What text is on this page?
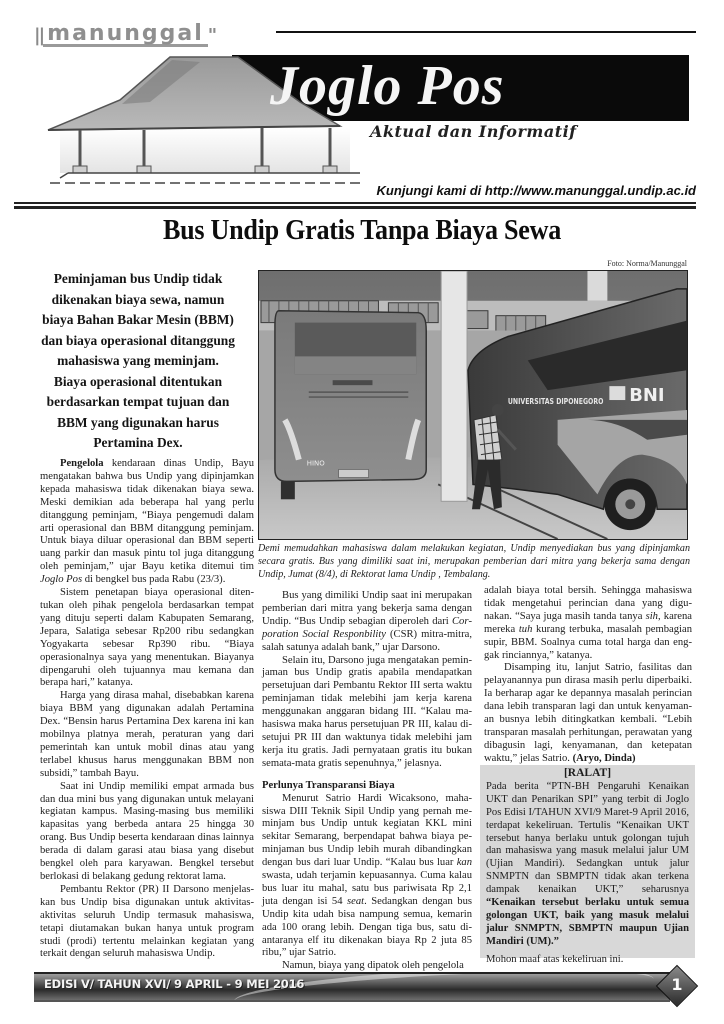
|| manunggal "
Joglo Pos
Aktual dan Informatif
Kunjungi kami di http://www.manunggal.undip.ac.id
Bus Undip Gratis Tanpa Biaya Sewa
Peminjaman bus Undip tidak dikenakan biaya sewa, namun biaya Bahan Bakar Mesin (BBM) dan biaya operasional ditanggung mahasiswa yang meminjam. Biaya operasional ditentukan berdasarkan tempat tujuan dan BBM yang digunakan harus Pertamina Dex.
Foto: Norma/Manunggal
HINO
UNIVERSITAS DIPONEGORO BNI
Demi memudahkan mahasiswa dalam melakukan kegiatan, Undip menyediakan bus yang dipinjamkan secara gratis. Bus yang dimiliki saat ini, merupakan pemberian dari mitra yang bekerja sama dengan Undip, Jumat (8/4), di Rektorat lama Undip , Tembalang.

Pengelola kendaraan dinas Undip, Bayu mengatakan bahwa bus Undip yang dipinjamkan kepada mahasiswa tidak dikenakan biaya sewa. Meski demikian ada beberapa hal yang perlu ditanggung peminjam, “Biaya pengemudi dalam arti operasional dan BBM ditanggung peminjam. Untuk biaya diluar operasional dan BBM seperti uang parkir dan masuk pintu tol juga ditanggung oleh peminjam,” ujar Bayu ketika ditemui tim Joglo Pos di bengkel bus pada Rabu (23/3).

Sistem penetapan biaya operasional ditentukan oleh pihak pengelola berdasarkan tempat yang dituju seperti dalam Kabupaten Semarang, Jepara, Salatiga sebesar Rp200 ribu sedangkan Yogyakarta sebesar Rp390 ribu. “Biaya operasionalnya saya yang menentukan. Biayanya dipengaruhi oleh tujuannya mau kemana dan berapa hari,” katanya.

Harga yang dirasa mahal, disebabkan karena biaya BBM yang digunakan adalah Pertamina Dex. “Bensin harus Pertamina Dex karena ini kan mobilnya platnya merah, peraturan yang dari pemerintah kan untuk mobil dinas atau yang terlabel khusus harus menggunakan BBM non subsidi,” tambah Bayu.

Saat ini Undip memiliki empat armada bus dan dua mini bus yang digunakan untuk melayani kegiatan kampus. Masing-masing bus memiliki kapasitas yang berbeda antara 25 hingga 30 orang. Bus Undip beserta kendaraan dinas lainnya berada di dalam garasi atau biasa yang disebut bengkel oleh para karyawan. Bengkel tersebut berlokasi di belakang gedung rektorat lama.

Pembantu Rektor (PR) II Darsono menjelaskan bus Undip bisa digunakan untuk aktivitas-aktivitas seluruh Undip termasuk mahasiswa, tetapi diutamakan bukan hanya untuk program studi (prodi) tertentu melainkan kegiatan yang terkait dengan seluruh mahasiswa Undip.

Bus yang dimiliki Undip saat ini merupakan pemberian dari mitra yang bekerja sama dengan Undip. “Bus Undip sebagian diperoleh dari Corporation Social Responbility (CSR) mitra-mitra, salah satunya adalah bank,” ujar Darsono.

Selain itu, Darsono juga mengatakan peminjaman bus Undip gratis apabila mendapatkan persetujuan dari Pembantu Rektor III serta waktu peminjaman tidak melebihi jam kerja karena menggunakan anggaran bidang III. “Kalau mahasiswa maka harus persetujuan PR III, kalau disetujui PR III dan waktunya tidak melebihi jam kerja itu gratis. Jadi pernyataan gratis itu bukan semata-mata gratis sepenuhnya,” jelasnya.

Perlunya Transparansi Biaya

Menurut Satrio Hardi Wicaksono, mahasiswa DIII Teknik Sipil Undip yang pernah meminjam bus Undip untuk kegiatan KKL mini sekitar Semarang, berpendapat bahwa biaya peminjaman bus Undip lebih murah dibandingkan dengan bus dari luar Undip. “Kalau bus luar kan swasta, udah terjamin kepuasannya. Cuma kalau bus luar itu mahal, satu bus pariwisata Rp 2,1 juta dengan isi 54 seat. Sedangkan dengan bus Undip kita udah bisa nampung semua, kemarin ada 100 orang lebih. Dengan tiga bus, satu diantaranya elf itu dikenakan biaya Rp 2 juta 85 ribu,” ujar Satrio.

Namun, biaya yang dipatok oleh pengelola

adalah biaya total bersih. Sehingga mahasiswa tidak mengetahui perincian dana yang digunakan. “Saya juga masih tanda tanya sih, karena mereka tuh kurang terbuka, masalah pembagian supir, BBM. Soalnya cuma total harga dan enggak rinciannya,” katanya.

Disamping itu, lanjut Satrio, fasilitas dan pelayanannya pun dirasa masih perlu diperbaiki. Ia berharap agar ke depannya masalah perincian dana lebih transparan lagi dan untuk kenyamanan busnya lebih ditingkatkan kembali. “Lebih transparan masalah perhitungan, perawatan yang dibagusin lagi, kenyamanan, dan ketepatan waktu,” jelas Satrio. (Aryo, Dinda)

[RALAT]
Pada berita “PTN-BH Pengaruhi Kenaikan UKT dan Penarikan SPI” yang terbit di Joglo Pos Edisi I/TAHUN XVI/9 Maret-9 April 2016, terdapat kekeliruan. Tertulis “Kenaikan UKT tersebut hanya berlaku untuk golongan tujuh dan mahasiswa yang masuk melalui jalur UM (Ujian Mandiri). Sedangkan untuk jalur SNMPTN dan SBMPTN tidak akan terkena dampak kenaikan UKT,” seharusnya “Kenaikan tersebut berlaku untuk semua golongan UKT, baik yang masuk melalui jalur SNMPTN, SBMPTN maupun Ujian Mandiri (UM).”
Mohon maaf atas kekeliruan ini.
EDISI V/ TAHUN XVI/ 9 APRIL - 9 MEI 2016	1
